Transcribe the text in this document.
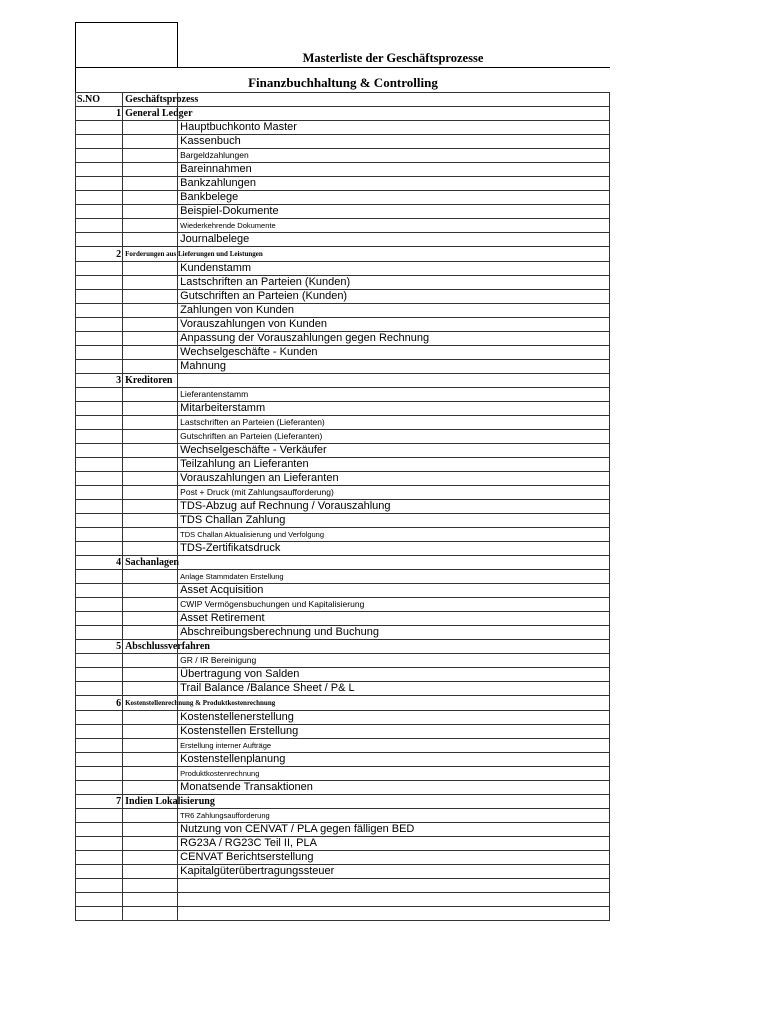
Masterliste der Geschäftsprozesse
Finanzbuchhaltung & Controlling
S.NO	Geschäftsprozess	
1	General Ledger	
		Hauptbuchkonto Master
		Kassenbuch
		Bargeldzahlungen
		Bareinnahmen
		Bankzahlungen
		Bankbelege
		Beispiel-Dokumente
		Wiederkehrende Dokumente
		Journalbelege
2	Forderungen aus Lieferungen und Leistungen	
		Kundenstamm
		Lastschriften an Parteien (Kunden)
		Gutschriften an Parteien (Kunden)
		Zahlungen von Kunden
		Vorauszahlungen von Kunden
		Anpassung der Vorauszahlungen gegen Rechnung
		Wechselgeschäfte - Kunden
		Mahnung
3	Kreditoren	
		Lieferantenstamm
		Mitarbeiterstamm
		Lastschriften an Parteien (Lieferanten)
		Gutschriften an Parteien (Lieferanten)
		Wechselgeschäfte - Verkäufer
		Teilzahlung an Lieferanten
		Vorauszahlungen an Lieferanten
		Post + Druck (mit Zahlungsaufforderung)
		TDS-Abzug auf Rechnung / Vorauszahlung
		TDS Challan Zahlung
		TDS Challan Aktualisierung und Verfolgung
		TDS-Zertifikatsdruck
4	Sachanlagen	
		Anlage Stammdaten Erstellung
		Asset Acquisition
		CWIP Vermögensbuchungen und Kapitalisierung
		Asset Retirement
		Abschreibungsberechnung und Buchung
5	Abschlussverfahren	
		GR / IR Bereinigung
		Übertragung von Salden
		Trail Balance /Balance Sheet / P& L
6	Kostenstellenrechnung & Produktkostenrechnung	
		Kostenstellenerstellung
		Kostenstellen Erstellung
		Erstellung interner Aufträge
		Kostenstellenplanung
		Produktkostenrechnung
		Monatsende Transaktionen
7	Indien Lokalisierung	
		TR6 Zahlungsaufforderung
		Nutzung von CENVAT / PLA gegen fälligen BED
		RG23A / RG23C Teil II, PLA
		CENVAT Berichtserstellung
		Kapitalgüterübertragungssteuer
